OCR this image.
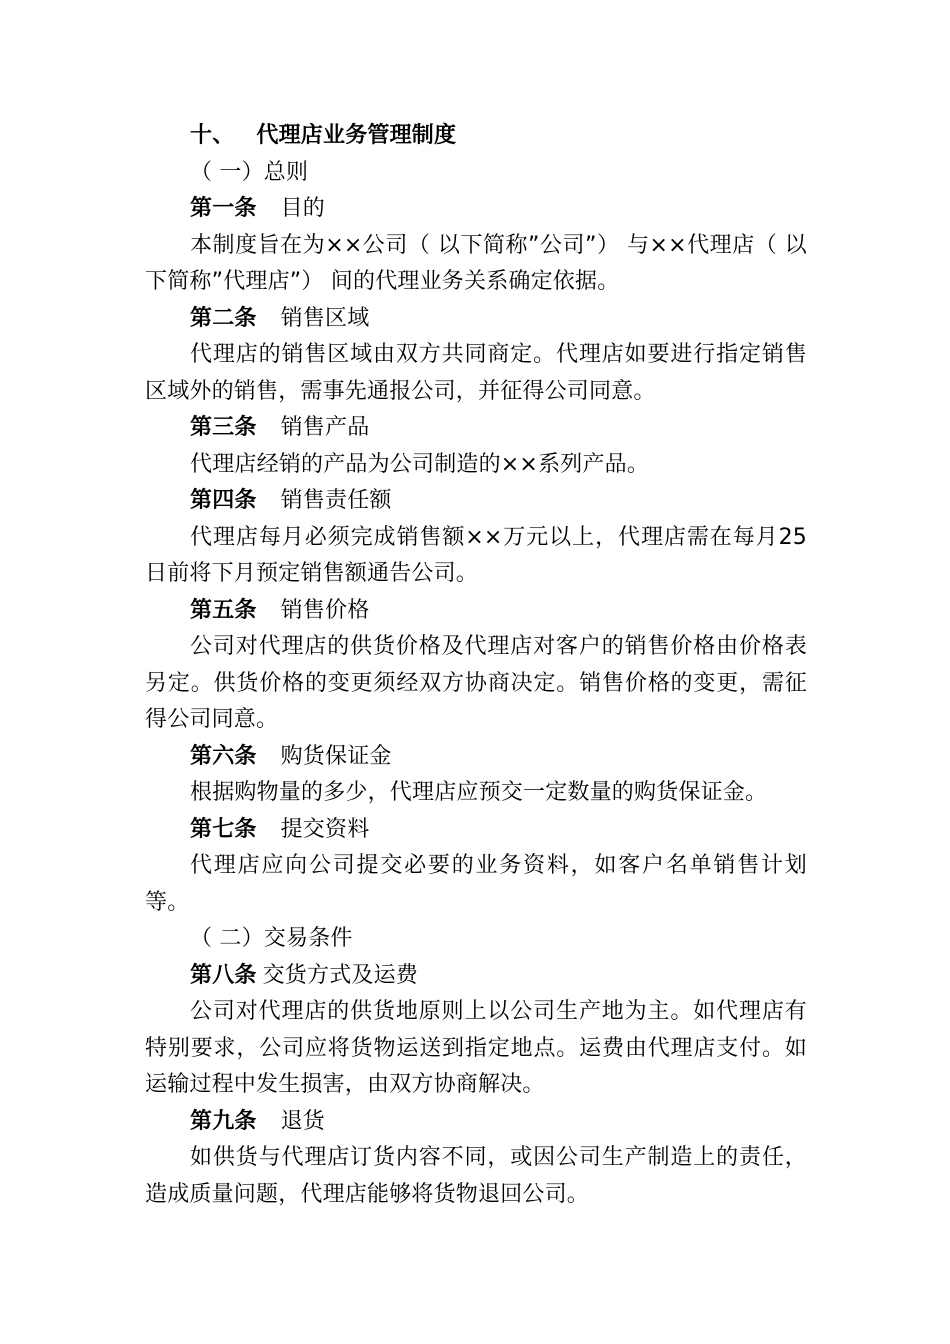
十、 代理店业务管理制度

（ 一）总则

第一条 目的

本制度旨在为××公司（ 以下简称”公司”） 与××代理店（ 以下简称”代理店”） 间的代理业务关系确定依据。

第二条 销售区域

代理店的销售区域由双方共同商定。代理店如要进行指定销售区域外的销售，需事先通报公司，并征得公司同意。

第三条 销售产品

代理店经销的产品为公司制造的××系列产品。

第四条 销售责任额

代理店每月必须完成销售额××万元以上，代理店需在每月25日前将下月预定销售额通告公司。

第五条 销售价格

公司对代理店的供货价格及代理店对客户的销售价格由价格表另定。供货价格的变更须经双方协商决定。销售价格的变更，需征得公司同意。

第六条 购货保证金

根据购物量的多少，代理店应预交一定数量的购货保证金。

第七条 提交资料

代理店应向公司提交必要的业务资料，如客户名单销售计划等。

（ 二）交易条件

第八条 交货方式及运费

公司对代理店的供货地原则上以公司生产地为主。如代理店有特别要求，公司应将货物运送到指定地点。运费由代理店支付。如运输过程中发生损害，由双方协商解决。

第九条 退货

如供货与代理店订货内容不同，或因公司生产制造上的责任，造成质量问题，代理店能够将货物退回公司。
